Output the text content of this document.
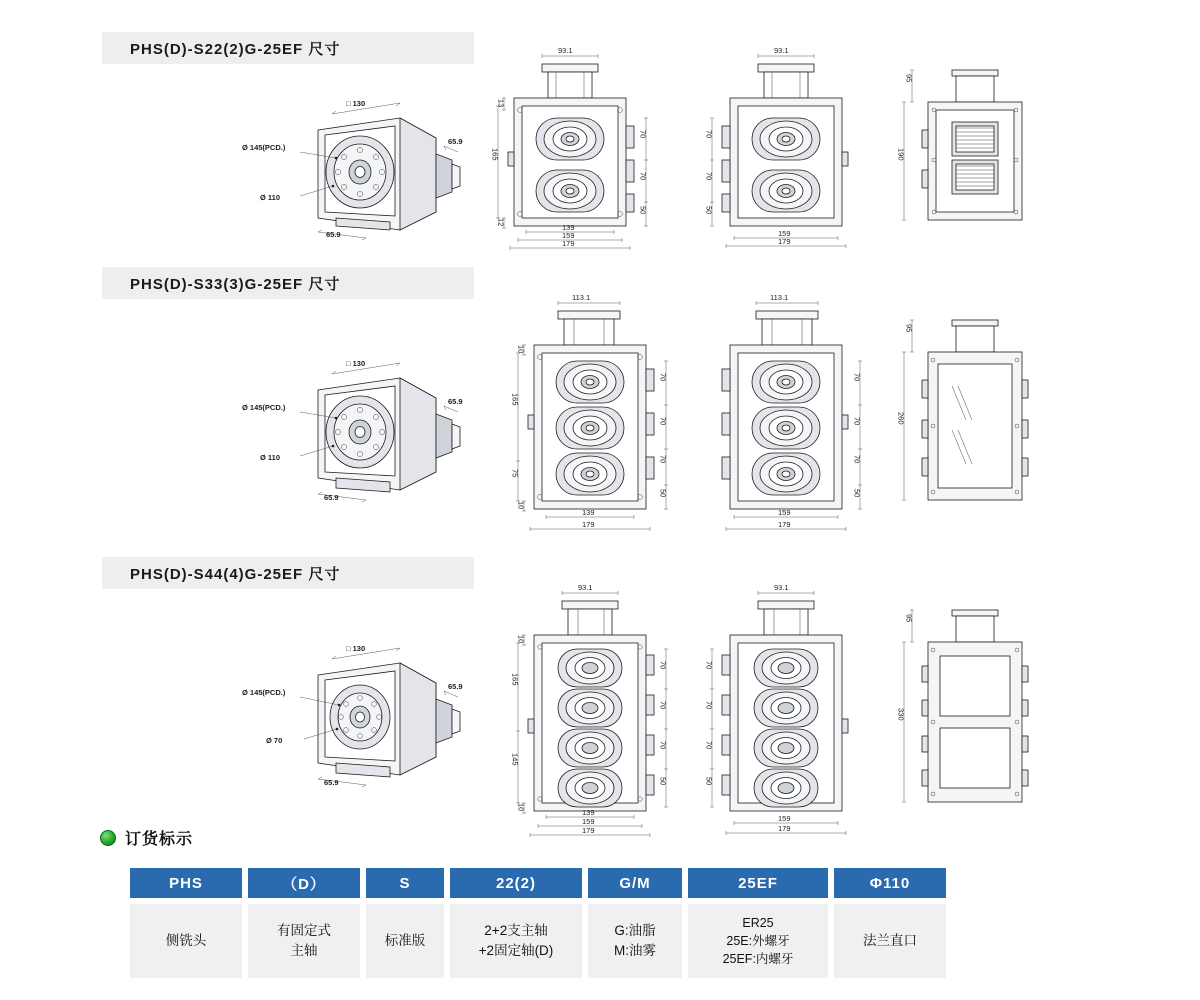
PHS(D)-S22(2)G-25EF 尺寸
Ø 145(PCD.)
Ø 110
□ 130
65.9
65.9
93.1
13
165
12
70
70
50
139
159
179
93.1
70
70
50
159
179
95
190
PHS(D)-S33(3)G-25EF 尺寸
Ø 145(PCD.)
Ø 110
□ 130
65.9
65.9
113.1
10
165
75
10
70
70
70
50
139
179
113.1
70
70
70
50
159
179
95
260
PHS(D)-S44(4)G-25EF 尺寸
Ø 145(PCD.)
Ø 70
□ 130
65.9
65.9
93.1
10
165
145
10
70
70
70
50
139
159
179
93.1
70
70
70
50
159
179
95
330
订货标示
PHS
侧铣头
（D）
有固定式
主轴
S
标准版
22(2)
2+2支主轴
+2固定轴(D)
G/M
G:油脂
M:油雾
25EF
ER25
25E:外螺牙
25EF:内螺牙
Φ110
法兰直口
